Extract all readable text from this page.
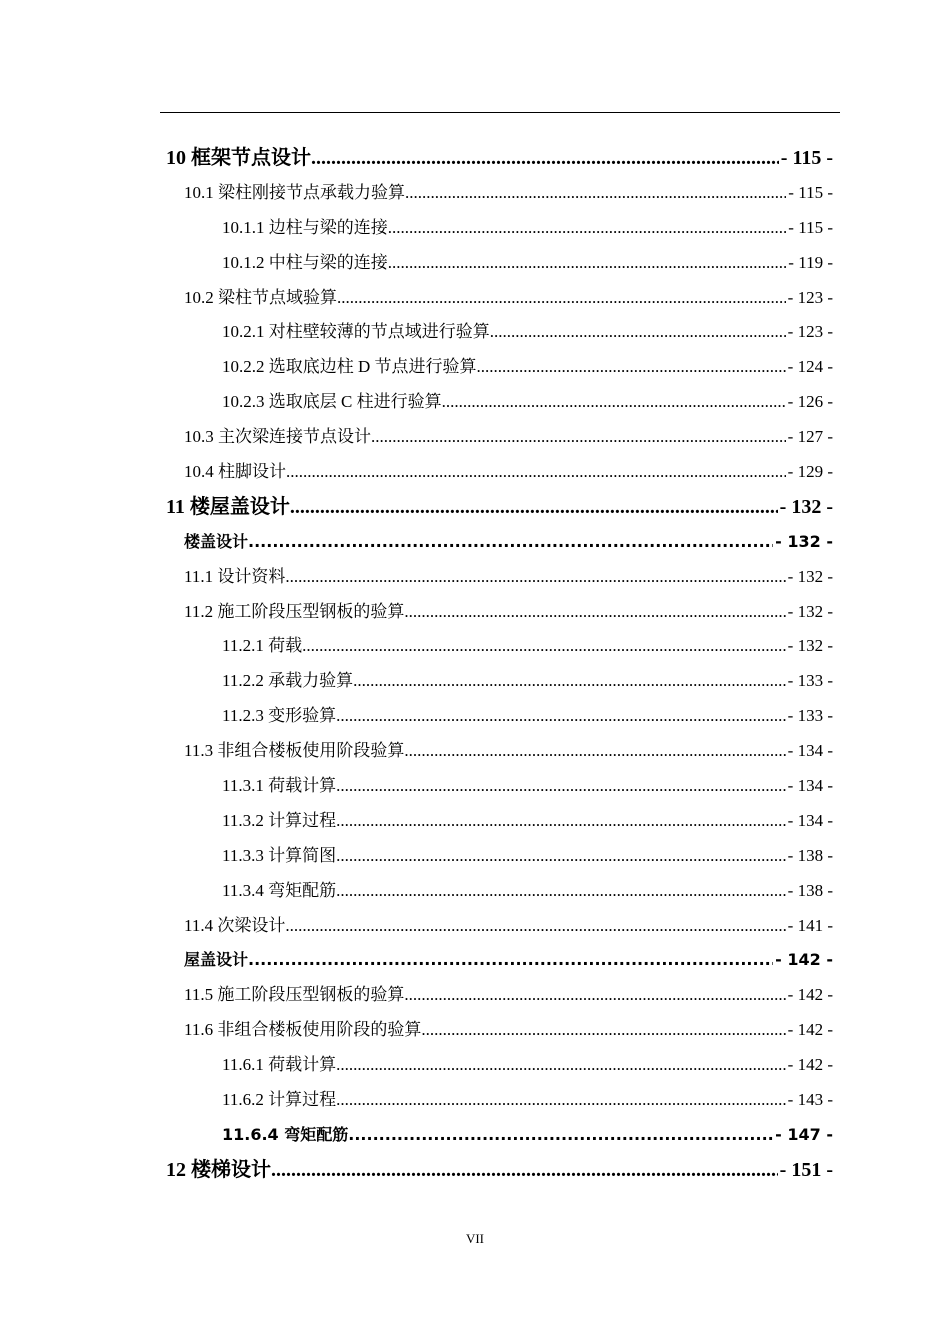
10 框架节点设计 .....	- 115 -
10.1 梁柱刚接节点承载力验算 .....	- 115 -
10.1.1 边柱与梁的连接 .....	- 115 -
10.1.2 中柱与梁的连接 .....	- 119 -
10.2 梁柱节点域验算 .....	- 123 -
10.2.1 对柱壁较薄的节点域进行验算 .....	- 123 -
10.2.2 选取底边柱 D 节点进行验算 .....	- 124 -
10.2.3 选取底层 C 柱进行验算 .....	- 126 -
10.3 主次梁连接节点设计 .....	- 127 -
10.4 柱脚设计 .....	- 129 -
11 楼屋盖设计 .....	- 132 -
楼盖设计 .....	- 132 -
11.1 设计资料 .....	- 132 -
11.2 施工阶段压型钢板的验算 .....	- 132 -
11.2.1 荷载 .....	- 132 -
11.2.2 承载力验算 .....	- 133 -
11.2.3 变形验算 .....	- 133 -
11.3 非组合楼板使用阶段验算 .....	- 134 -
11.3.1 荷载计算 .....	- 134 -
11.3.2 计算过程 .....	- 134 -
11.3.3 计算简图 .....	- 138 -
11.3.4 弯矩配筋 .....	- 138 -
11.4 次梁设计 .....	- 141 -
屋盖设计 .....	- 142 -
11.5 施工阶段压型钢板的验算 .....	- 142 -
11.6 非组合楼板使用阶段的验算 .....	- 142 -
11.6.1 荷载计算 .....	- 142 -
11.6.2 计算过程 .....	- 143 -
11.6.4 弯矩配筋 .....	- 147 -
12 楼梯设计 .....	- 151 -
VII
